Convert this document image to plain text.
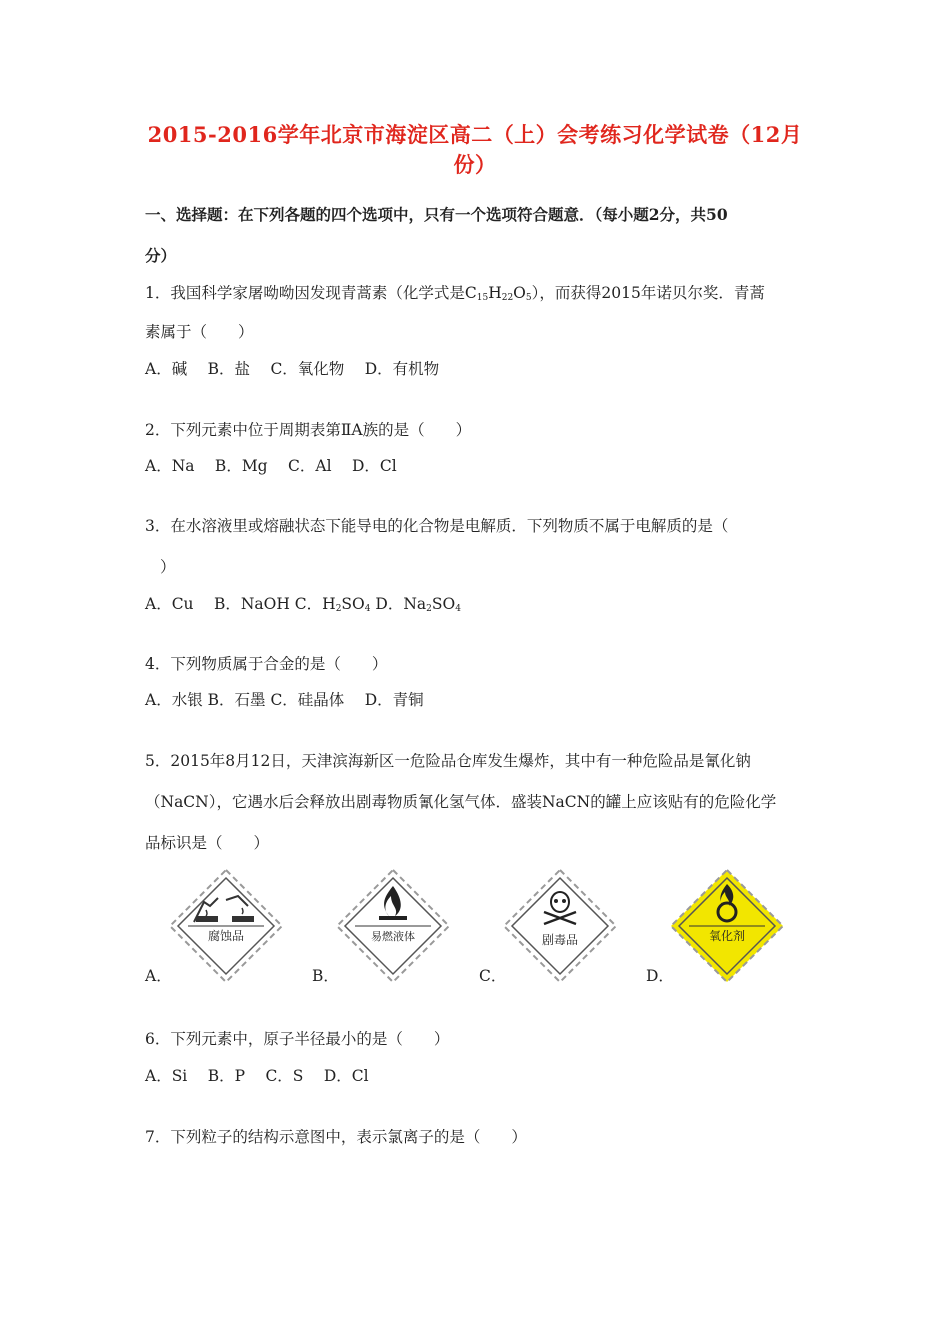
2015-2016学年北京市海淀区高二（上）会考练习化学试卷（12月
份）
一、选择题：在下列各题的四个选项中，只有一个选项符合题意．（每小题2分，共50
分）
1．我国科学家屠呦呦因发现青蒿素（化学式是$C_{15}H_{22}O_5$），而获得2015年诺贝尔奖．青蒿
素属于（　　）
A．碱　 B．盐　 C．氧化物　 D．有机物
2．下列元素中位于周期表第ⅡA族的是（　　）
A．Na　 B．Mg　 C．Al　 D．Cl
3．在水溶液里或熔融状态下能导电的化合物是电解质．下列物质不属于电解质的是（
）
A．Cu　 B．NaOH C．$H_2SO_4$ D．$Na_2SO_4$
4．下列物质属于合金的是（　　）
A．水银 B．石墨 C．硅晶体　 D．青铜
5．2015年8月12日，天津滨海新区一危险品仓库发生爆炸，其中有一种危险品是氰化钠
（NaCN），它遇水后会释放出剧毒物质氰化氢气体．盛装NaCN的罐上应该贴有的危险化学
品标识是（　　）
腐蚀品	易燃液体	剧毒品	氧化剂
A．	B．	C．	D．
6．下列元素中，原子半径最小的是（　　）
A．Si　 B．P　 C．S　 D．Cl
7．下列粒子的结构示意图中，表示氯离子的是（　　）
